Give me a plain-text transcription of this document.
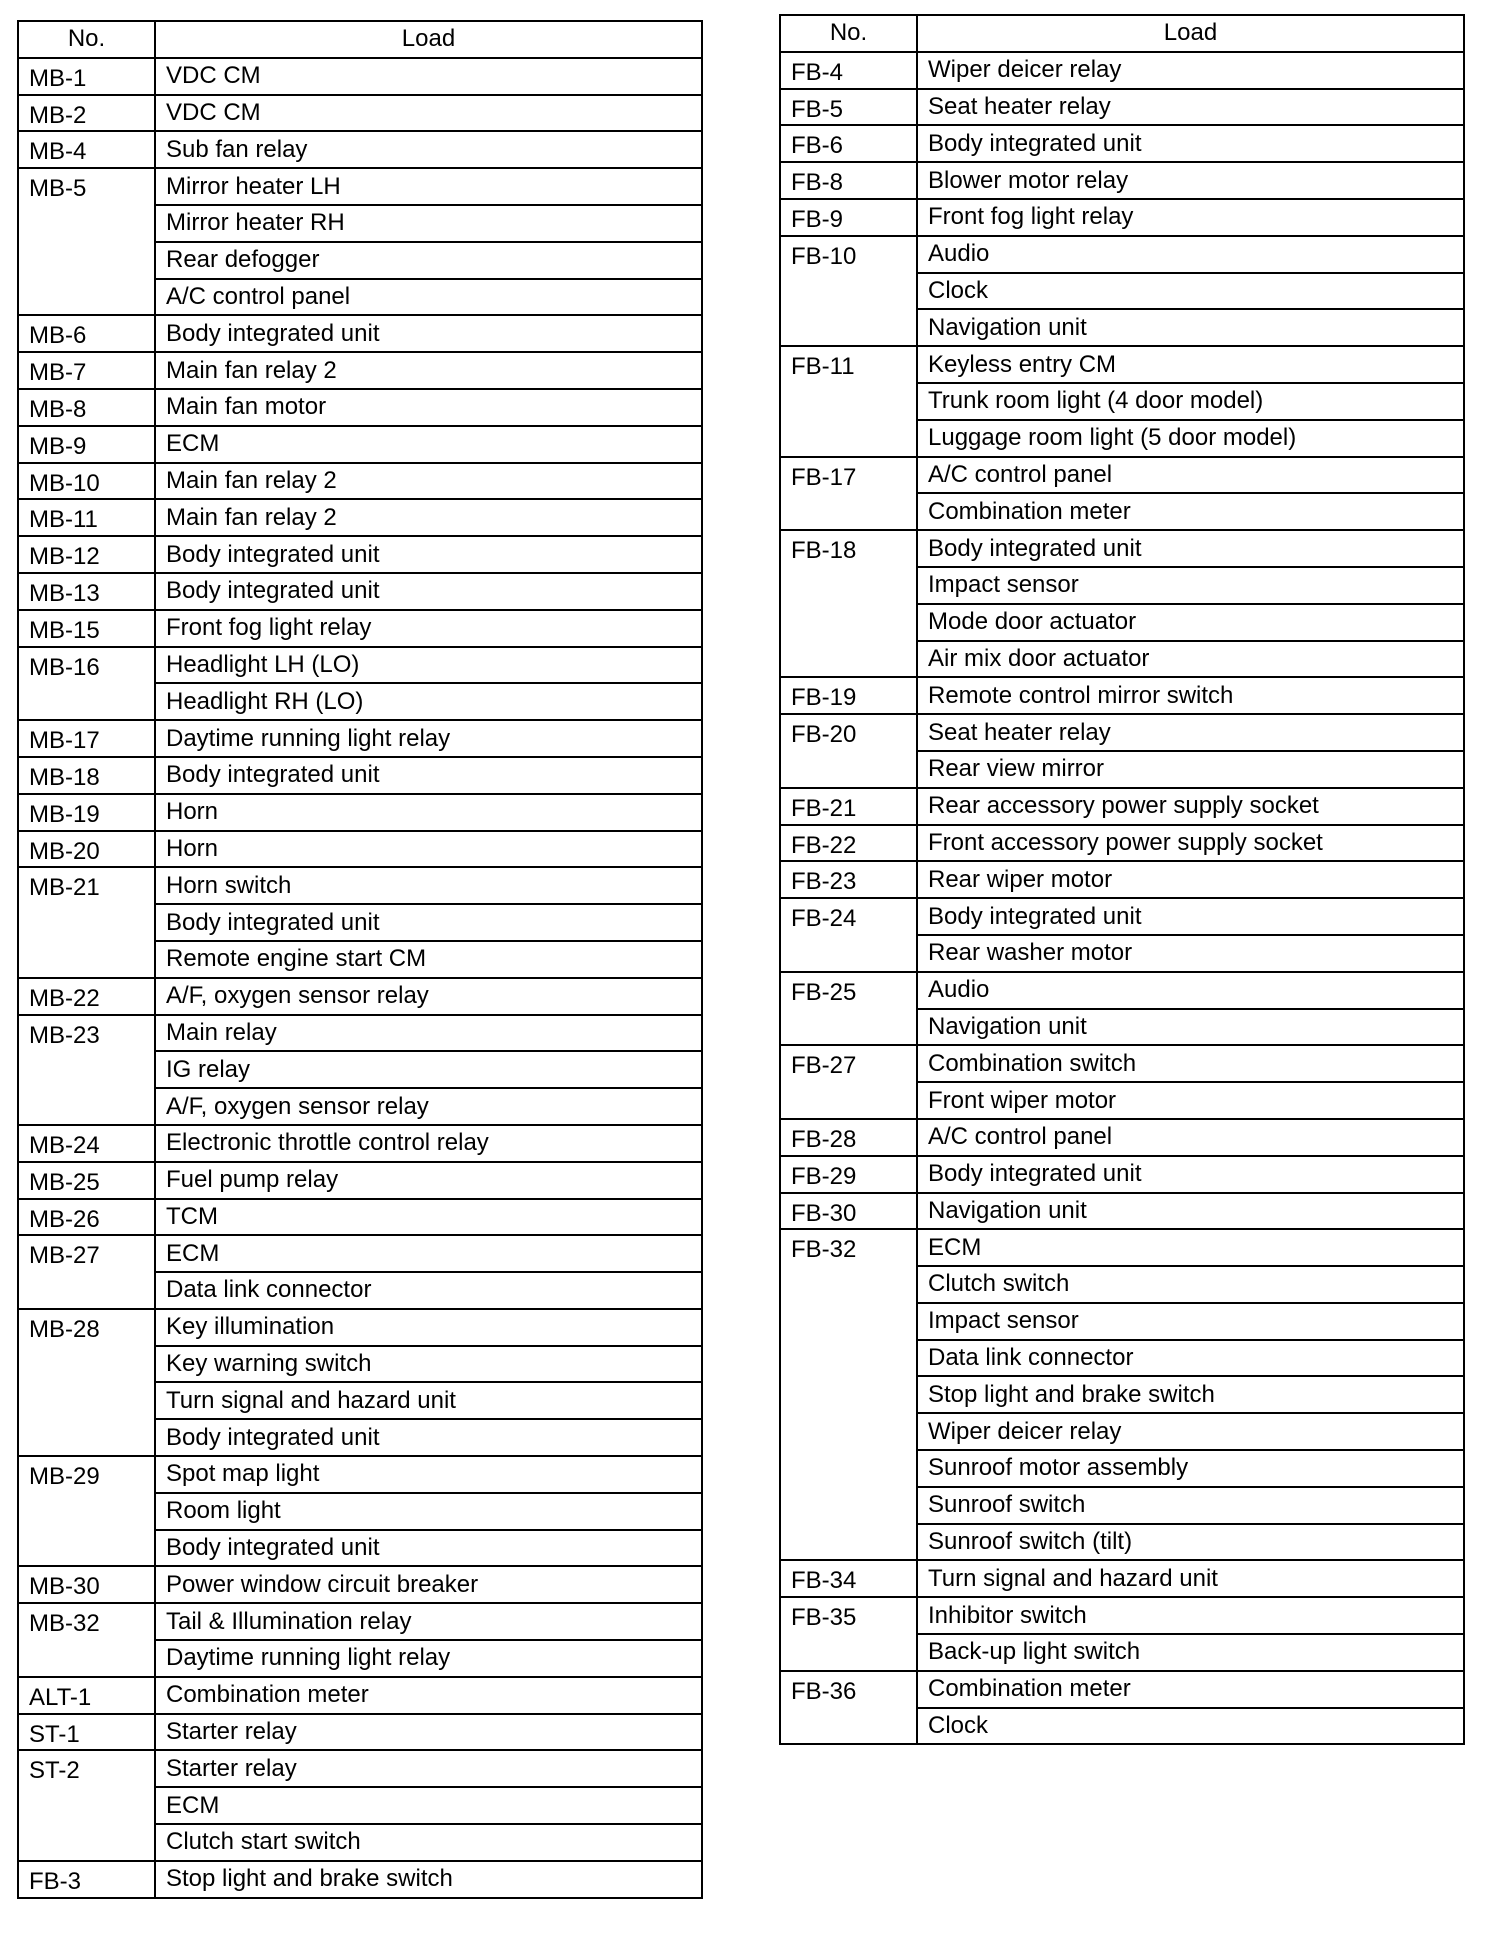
No.	Load
MB-1	VDC CM
MB-2	VDC CM
MB-4	Sub fan relay
MB-5	Mirror heater LH
	Mirror heater RH
	Rear defogger
	A/C control panel
MB-6	Body integrated unit
MB-7	Main fan relay 2
MB-8	Main fan motor
MB-9	ECM
MB-10	Main fan relay 2
MB-11	Main fan relay 2
MB-12	Body integrated unit
MB-13	Body integrated unit
MB-15	Front fog light relay
MB-16	Headlight LH (LO)
	Headlight RH (LO)
MB-17	Daytime running light relay
MB-18	Body integrated unit
MB-19	Horn
MB-20	Horn
MB-21	Horn switch
	Body integrated unit
	Remote engine start CM
MB-22	A/F, oxygen sensor relay
MB-23	Main relay
	IG relay
	A/F, oxygen sensor relay
MB-24	Electronic throttle control relay
MB-25	Fuel pump relay
MB-26	TCM
MB-27	ECM
	Data link connector
MB-28	Key illumination
	Key warning switch
	Turn signal and hazard unit
	Body integrated unit
MB-29	Spot map light
	Room light
	Body integrated unit
MB-30	Power window circuit breaker
MB-32	Tail & Illumination relay
	Daytime running light relay
ALT-1	Combination meter
ST-1	Starter relay
ST-2	Starter relay
	ECM
	Clutch start switch
FB-3	Stop light and brake switch
No.	Load
FB-4	Wiper deicer relay
FB-5	Seat heater relay
FB-6	Body integrated unit
FB-8	Blower motor relay
FB-9	Front fog light relay
FB-10	Audio
	Clock
	Navigation unit
FB-11	Keyless entry CM
	Trunk room light (4 door model)
	Luggage room light (5 door model)
FB-17	A/C control panel
	Combination meter
FB-18	Body integrated unit
	Impact sensor
	Mode door actuator
	Air mix door actuator
FB-19	Remote control mirror switch
FB-20	Seat heater relay
	Rear view mirror
FB-21	Rear accessory power supply socket
FB-22	Front accessory power supply socket
FB-23	Rear wiper motor
FB-24	Body integrated unit
	Rear washer motor
FB-25	Audio
	Navigation unit
FB-27	Combination switch
	Front wiper motor
FB-28	A/C control panel
FB-29	Body integrated unit
FB-30	Navigation unit
FB-32	ECM
	Clutch switch
	Impact sensor
	Data link connector
	Stop light and brake switch
	Wiper deicer relay
	Sunroof motor assembly
	Sunroof switch
	Sunroof switch (tilt)
FB-34	Turn signal and hazard unit
FB-35	Inhibitor switch
	Back-up light switch
FB-36	Combination meter
	Clock
